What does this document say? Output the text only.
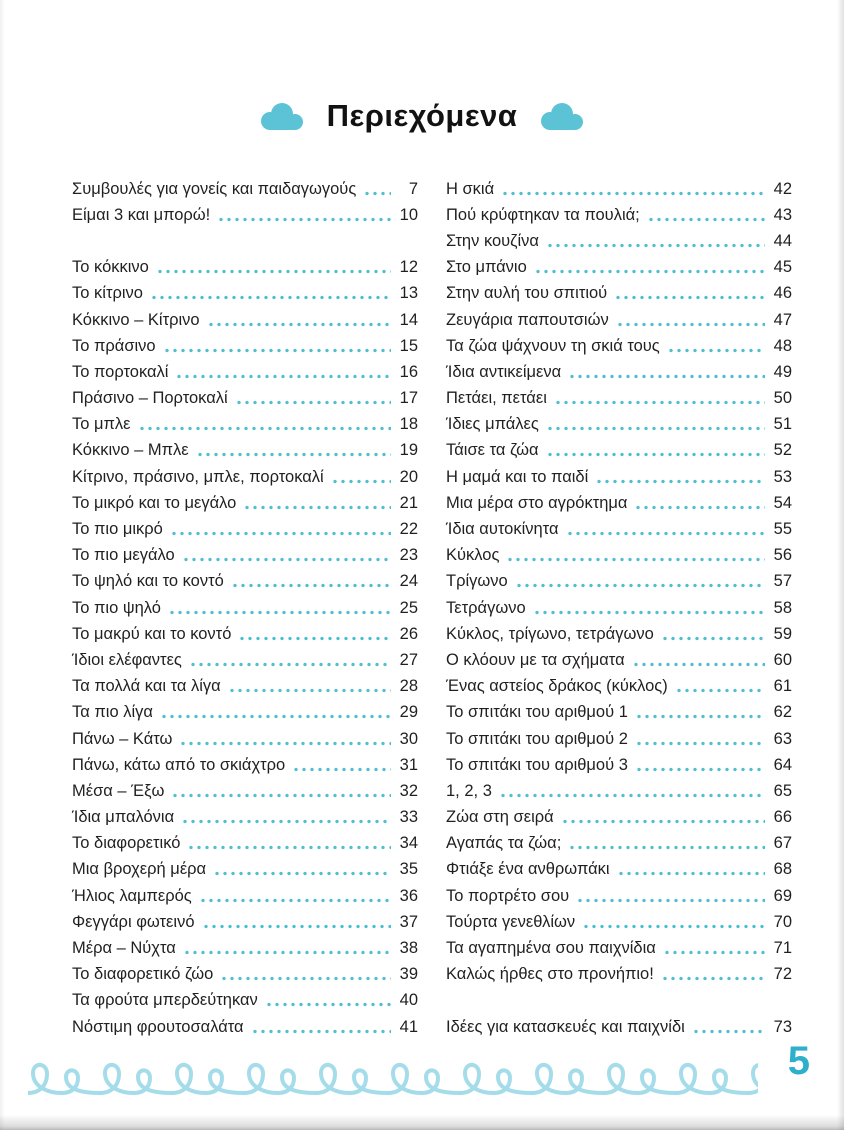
Περιεχόμενα
Συμβουλές για γονείς και παιδαγωγούς	7
Είμαι 3 και μπορώ!	10
Το κόκκινο	12
Το κίτρινο	13
Κόκκινο – Κίτρινο	14
Το πράσινο	15
Το πορτοκαλί	16
Πράσινο – Πορτοκαλί	17
Το μπλε	18
Κόκκινο – Μπλε	19
Κίτρινο, πράσινο, μπλε, πορτοκαλί	20
Το μικρό και το μεγάλο	21
Το πιο μικρό	22
Το πιο μεγάλο	23
Το ψηλό και το κοντό	24
Το πιο ψηλό	25
Το μακρύ και το κοντό	26
Ίδιοι ελέφαντες	27
Τα πολλά και τα λίγα	28
Τα πιο λίγα	29
Πάνω – Κάτω	30
Πάνω, κάτω από το σκιάχτρο	31
Μέσα – Έξω	32
Ίδια μπαλόνια	33
Το διαφορετικό	34
Μια βροχερή μέρα	35
Ήλιος λαμπερός	36
Φεγγάρι φωτεινό	37
Μέρα – Νύχτα	38
Το διαφορετικό ζώο	39
Τα φρούτα μπερδεύτηκαν	40
Νόστιμη φρουτοσαλάτα	41
Η σκιά	42
Πού κρύφτηκαν τα πουλιά;	43
Στην κουζίνα	44
Στο μπάνιο	45
Στην αυλή του σπιτιού	46
Ζευγάρια παπουτσιών	47
Τα ζώα ψάχνουν τη σκιά τους	48
Ίδια αντικείμενα	49
Πετάει, πετάει	50
Ίδιες μπάλες	51
Τάισε τα ζώα	52
Η μαμά και το παιδί	53
Μια μέρα στο αγρόκτημα	54
Ίδια αυτοκίνητα	55
Κύκλος	56
Τρίγωνο	57
Τετράγωνο	58
Κύκλος, τρίγωνο, τετράγωνο	59
Ο κλόουν με τα σχήματα	60
Ένας αστείος δράκος (κύκλος)	61
Το σπιτάκι του αριθμού 1	62
Το σπιτάκι του αριθμού 2	63
Το σπιτάκι του αριθμού 3	64
1, 2, 3	65
Ζώα στη σειρά	66
Αγαπάς τα ζώα;	67
Φτιάξε ένα ανθρωπάκι	68
Το πορτρέτο σου	69
Τούρτα γενεθλίων	70
Τα αγαπημένα σου παιχνίδια	71
Καλώς ήρθες στο προνήπιο!	72
Ιδέες για κατασκευές και παιχνίδι	73
5
